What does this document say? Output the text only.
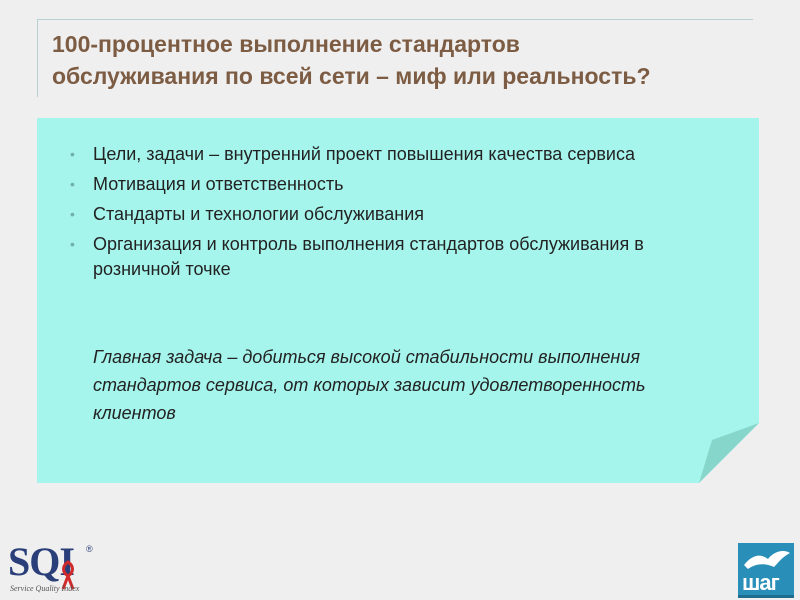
100-процентное выполнение стандартов
обслуживания по всей сети – миф или реальность?
• Цели, задачи – внутренний проект повышения качества сервиса
• Мотивация и ответственность
• Стандарты и технологии обслуживания
• Организация и контроль выполнения стандартов обслуживания в розничной точке

Главная задача – добиться высокой стабильности выполнения стандартов сервиса, от которых зависит удовлетворенность клиентов

SQI ®
Service Quality Index	шаг
